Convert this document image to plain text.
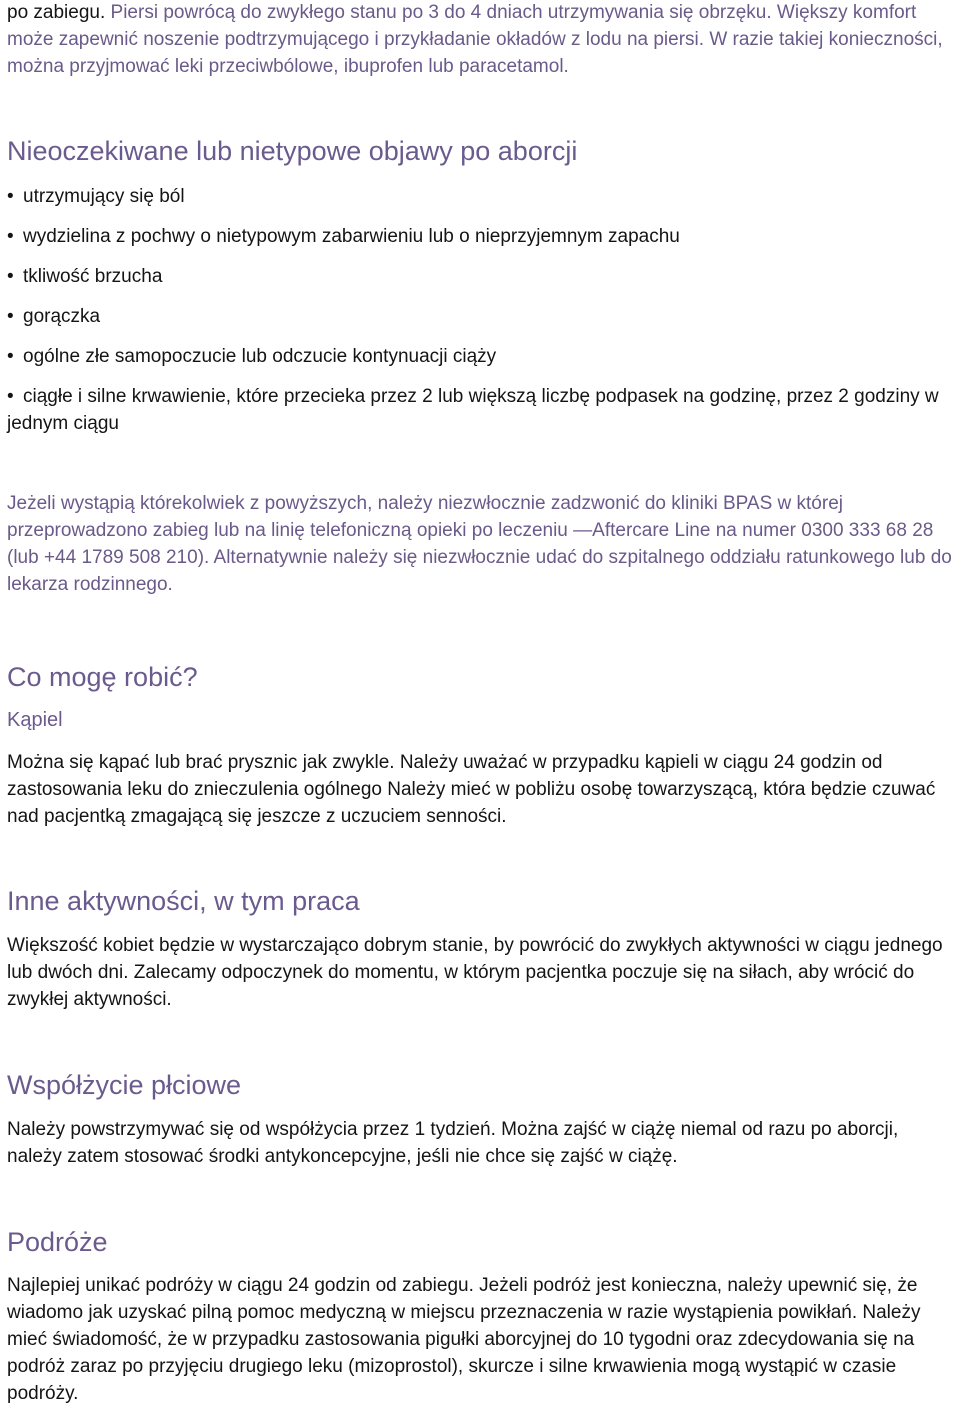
po zabiegu. Piersi powrócą do zwykłego stanu po 3 do 4 dniach utrzymywania się obrzęku. Większy komfort może zapewnić noszenie podtrzymującego i przykładanie okładów z lodu na piersi. W razie takiej konieczności, można przyjmować leki przeciwbólowe, ibuprofen lub paracetamol.

Nieoczekiwane lub nietypowe objawy po aborcji

• utrzymujący się ból

• wydzielina z pochwy o nietypowym zabarwieniu lub o nieprzyjemnym zapachu

• tkliwość brzucha

• gorączka

• ogólne złe samopoczucie lub odczucie kontynuacji ciąży

• ciągłe i silne krwawienie, które przecieka przez 2 lub większą liczbę podpasek na godzinę, przez 2 godziny w jednym ciągu

Jeżeli wystąpią którekolwiek z powyższych, należy niezwłocznie zadzwonić do kliniki BPAS w której przeprowadzono zabieg lub na linię telefoniczną opieki po leczeniu —Aftercare Line na numer 0300 333 68 28 (lub +44 1789 508 210). Alternatywnie należy się niezwłocznie udać do szpitalnego oddziału ratunkowego lub do lekarza rodzinnego.

Co mogę robić?
Kąpiel

Można się kąpać lub brać prysznic jak zwykle. Należy uważać w przypadku kąpieli w ciągu 24 godzin od zastosowania leku do znieczulenia ogólnego Należy mieć w pobliżu osobę towarzyszącą, która będzie czuwać nad pacjentką zmagającą się jeszcze z uczuciem senności.

Inne aktywności, w tym praca

Większość kobiet będzie w wystarczająco dobrym stanie, by powrócić do zwykłych aktywności w ciągu jednego lub dwóch dni. Zalecamy odpoczynek do momentu, w którym pacjentka poczuje się na siłach, aby wrócić do zwykłej aktywności.

Współżycie płciowe

Należy powstrzymywać się od współżycia przez 1 tydzień. Można zajść w ciążę niemal od razu po aborcji, należy zatem stosować środki antykoncepcyjne, jeśli nie chce się zajść w ciążę.

Podróże

Najlepiej unikać podróży w ciągu 24 godzin od zabiegu. Jeżeli podróż jest konieczna, należy upewnić się, że wiadomo jak uzyskać pilną pomoc medyczną w miejscu przeznaczenia w razie wystąpienia powikłań. Należy mieć świadomość, że w przypadku zastosowania pigułki aborcyjnej do 10 tygodni oraz zdecydowania się na podróż zaraz po przyjęciu drugiego leku (mizoprostol), skurcze i silne krwawienia mogą wystąpić w czasie podróży.
